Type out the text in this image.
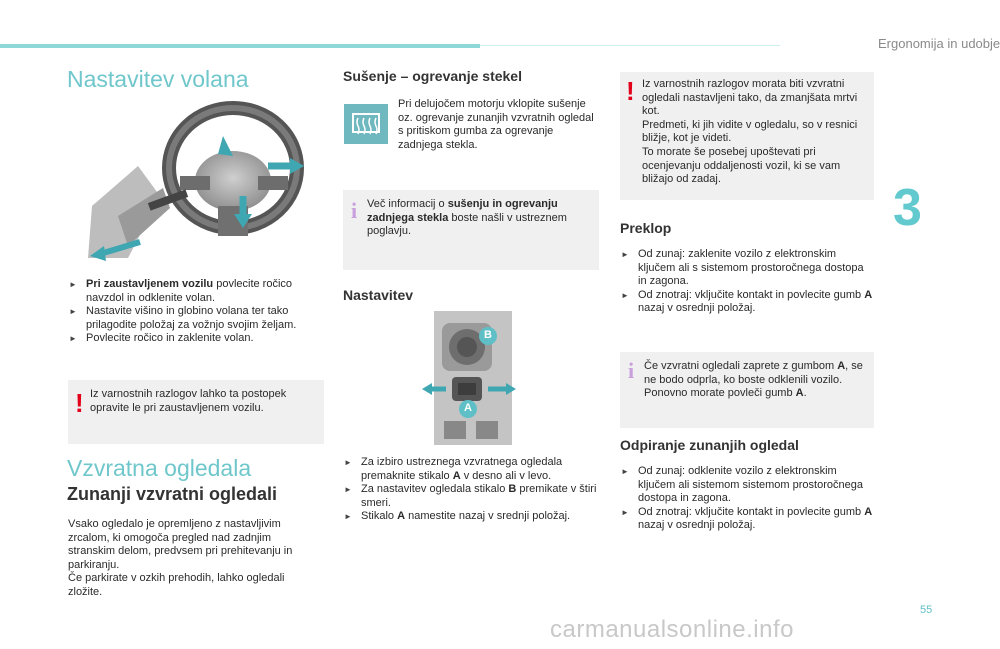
Ergonomija in udobje
3
55
carmanualsonline.info
Nastavitev volana
► Pri zaustavljenem vozilu povlecite ročico navzdol in odklenite volan.
► Nastavite višino in globino volana ter tako prilagodite položaj za vožnjo svojim željam.
► Povlecite ročico in zaklenite volan.
! Iz varnostnih razlogov lahko ta postopek opravite le pri zaustavljenem vozilu.
Vzvratna ogledala
Zunanji vzvratni ogledali
Vsako ogledalo je opremljeno z nastavljivim zrcalom, ki omogoča pregled nad zadnjim stranskim delom, predvsem pri prehitevanju in parkiranju.
Če parkirate v ozkih prehodih, lahko ogledali zložite.
Sušenje – ogrevanje stekel
Pri delujočem motorju vklopite sušenje oz. ogrevanje zunanjih vzvratnih ogledal s pritiskom gumba za ogrevanje zadnjega stekla.
i Več informacij o sušenju in ogrevanju zadnjega stekla boste našli v ustreznem poglavju.
Nastavitev
B
A
► Za izbiro ustreznega vzvratnega ogledala premaknite stikalo A v desno ali v levo.
► Za nastavitev ogledala stikalo B premikate v štiri smeri.
► Stikalo A namestite nazaj v srednji položaj.
! Iz varnostnih razlogov morata biti vzvratni ogledali nastavljeni tako, da zmanjšata mrtvi kot.
Predmeti, ki jih vidite v ogledalu, so v resnici bližje, kot je videti.
To morate še posebej upoštevati pri ocenjevanju oddaljenosti vozil, ki se vam bližajo od zadaj.
Preklop
► Od zunaj: zaklenite vozilo z elektronskim ključem ali s sistemom prostoročnega dostopa in zagona.
► Od znotraj: vključite kontakt in povlecite gumb A nazaj v osrednji položaj.
i Če vzvratni ogledali zaprete z gumbom A, se ne bodo odprla, ko boste odklenili vozilo. Ponovno morate povleči gumb A.
Odpiranje zunanjih ogledal
► Od zunaj: odklenite vozilo z elektronskim ključem ali sistemom sistemom prostoročnega dostopa in zagona.
► Od znotraj: vključite kontakt in povlecite gumb A nazaj v osrednji položaj.
